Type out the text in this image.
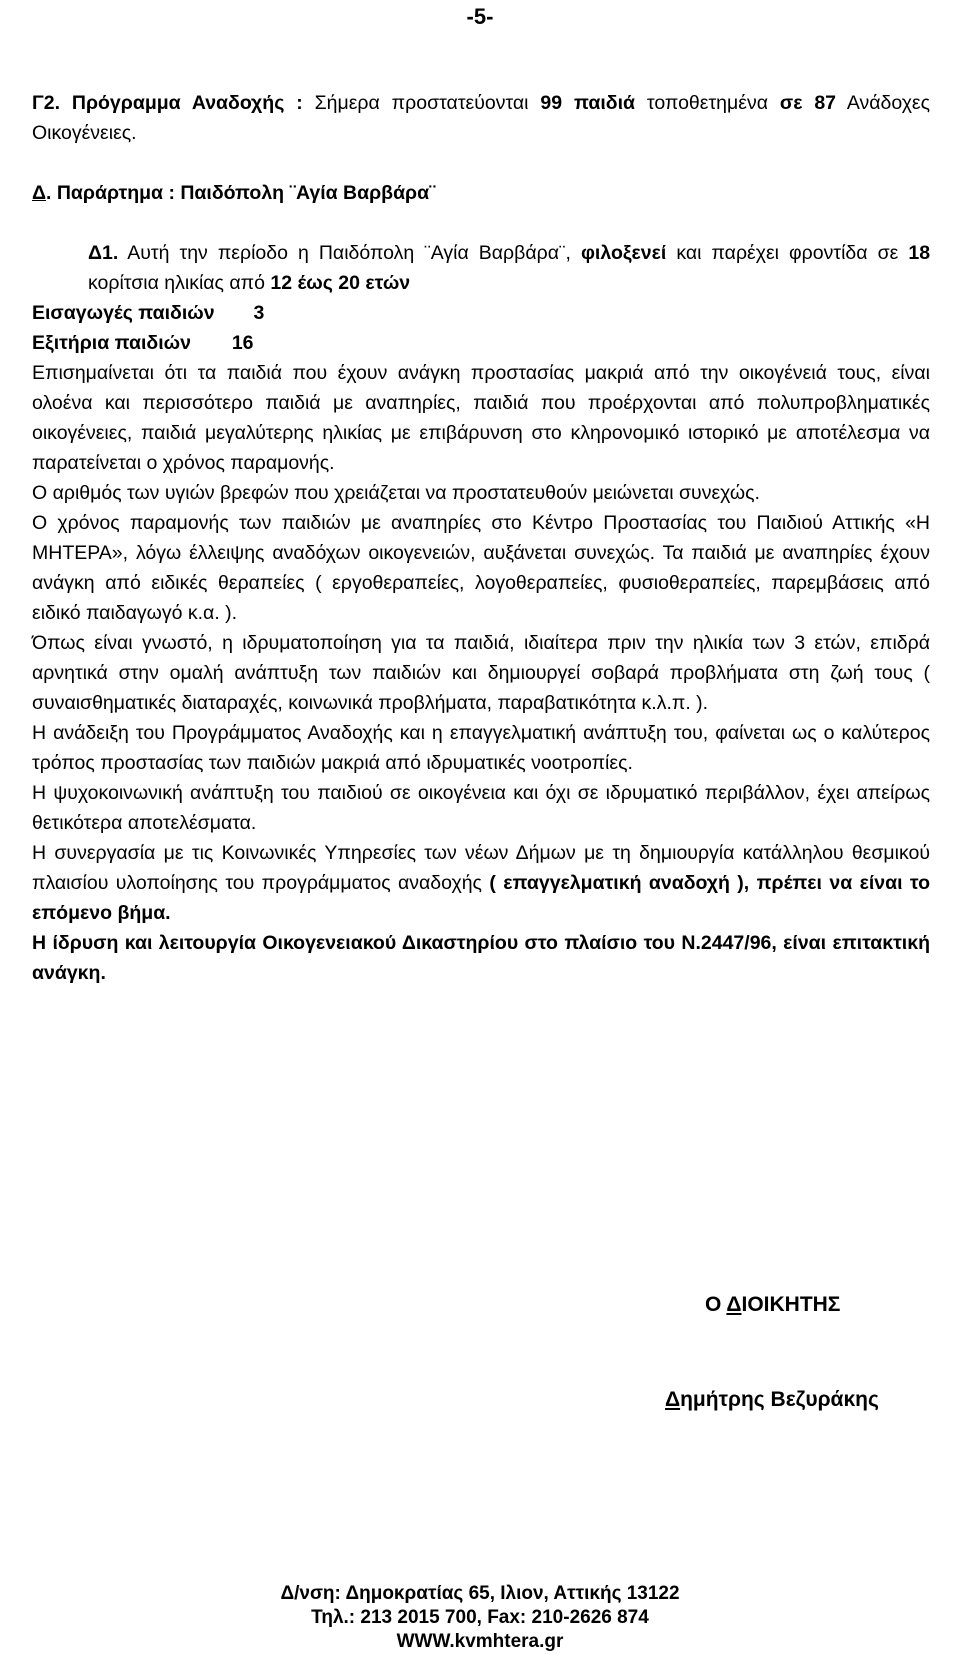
-5-

Γ2. Πρόγραμμα Αναδοχής : Σήμερα προστατεύονται 99 παιδιά τοποθετημένα σε 87 Ανάδοχες Οικογένειες.

Δ. Παράρτημα : Παιδόπολη ¨Αγία Βαρβάρα¨

Δ1. Αυτή την περίοδο η Παιδόπολη ¨Αγία Βαρβάρα¨, φιλοξενεί και παρέχει φροντίδα σε 18 κορίτσια ηλικίας από 12 έως 20 ετών

Εισαγωγές παιδιών 3

Εξιτήρια παιδιών 16

Επισημαίνεται ότι τα παιδιά που έχουν ανάγκη προστασίας μακριά από την οικογένειά τους, είναι ολοένα και περισσότερο παιδιά με αναπηρίες, παιδιά που προέρχονται από πολυπροβληματικές οικογένειες, παιδιά μεγαλύτερης ηλικίας με επιβάρυνση στο κληρονομικό ιστορικό με αποτέλεσμα να παρατείνεται ο χρόνος παραμονής.

Ο αριθμός των υγιών βρεφών που χρειάζεται να προστατευθούν μειώνεται συνεχώς.

Ο χρόνος παραμονής των παιδιών με αναπηρίες στο Κέντρο Προστασίας του Παιδιού Αττικής «Η ΜΗΤΕΡΑ», λόγω έλλειψης αναδόχων οικογενειών, αυξάνεται συνεχώς. Τα παιδιά με αναπηρίες έχουν ανάγκη από ειδικές θεραπείες ( εργοθεραπείες, λογοθεραπείες, φυσιοθεραπείες, παρεμβάσεις από ειδικό παιδαγωγό κ.α. ).

Όπως είναι γνωστό, η ιδρυματοποίηση για τα παιδιά, ιδιαίτερα πριν την ηλικία των 3 ετών, επιδρά αρνητικά στην ομαλή ανάπτυξη των παιδιών και δημιουργεί σοβαρά προβλήματα στη ζωή τους ( συναισθηματικές διαταραχές, κοινωνικά προβλήματα, παραβατικότητα κ.λ.π. ).

Η ανάδειξη του Προγράμματος Αναδοχής και η επαγγελματική ανάπτυξη του, φαίνεται ως ο καλύτερος τρόπος προστασίας των παιδιών μακριά από ιδρυματικές νοοτροπίες.

Η ψυχοκοινωνική ανάπτυξη του παιδιού σε οικογένεια και όχι σε ιδρυματικό περιβάλλον, έχει απείρως θετικότερα αποτελέσματα.

Η συνεργασία με τις Κοινωνικές Υπηρεσίες των νέων Δήμων με τη δημιουργία κατάλληλου θεσμικού πλαισίου υλοποίησης του προγράμματος αναδοχής ( επαγγελματική αναδοχή ), πρέπει να είναι το επόμενο βήμα.

Η ίδρυση και λειτουργία Οικογενειακού Δικαστηρίου στο πλαίσιο του Ν.2447/96, είναι επιτακτική ανάγκη.

Ο ΔΙΟΙΚΗΤΗΣ
Δημήτρης Βεζυράκης
Δ/νση: Δημοκρατίας 65, Ιλιον, Αττικής 13122
Τηλ.: 213 2015 700, Fax: 210-2626 874
WWW.kvmhtera.gr
